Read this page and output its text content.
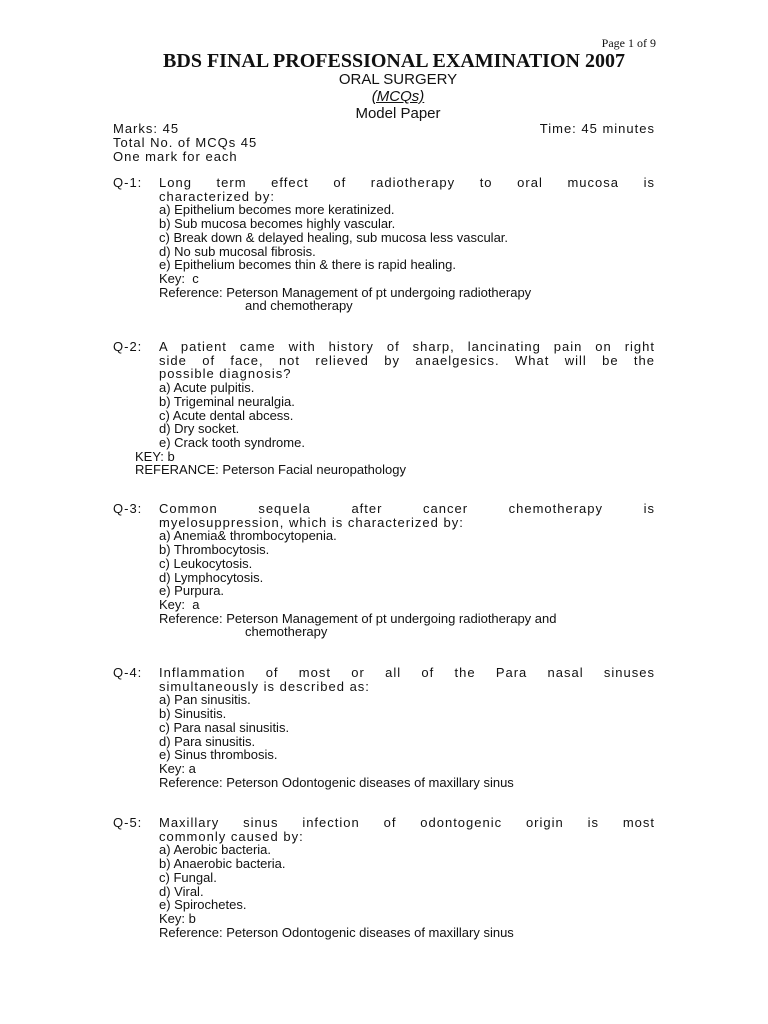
Page 1 of 9
BDS FINAL PROFESSIONAL EXAMINATION 2007
ORAL SURGERY
(MCQs)
Model Paper
Marks: 45	Time: 45 minutes
Total No. of MCQs 45
One mark for each
Q-1:	Long term effect of radiotherapy to oral mucosa is
characterized by:
a) Epithelium becomes more keratinized.
b) Sub mucosa becomes highly vascular.
c) Break down & delayed healing, sub mucosa less vascular.
d) No sub mucosal fibrosis.
e) Epithelium becomes thin & there is rapid healing.
Key:  c
Reference: Peterson Management of pt undergoing radiotherapy
and chemotherapy
Q-2:	A patient came with history of sharp, lancinating pain on right
side of face, not relieved by anaelgesics. What will be the
possible diagnosis?
a) Acute pulpitis.
b) Trigeminal neuralgia.
c) Acute dental abcess.
d) Dry socket.
e) Crack tooth syndrome.
KEY: b
REFERANCE: Peterson Facial neuropathology
Q-3:	Common sequela after cancer chemotherapy is
myelosuppression, which is characterized by:
a) Anemia& thrombocytopenia.
b) Thrombocytosis.
c) Leukocytosis.
d) Lymphocytosis.
e) Purpura.
Key:  a
Reference: Peterson Management of pt undergoing radiotherapy and
chemotherapy
Q-4:	Inflammation of most or all of the Para nasal sinuses
simultaneously is described as:
a) Pan sinusitis.
b) Sinusitis.
c) Para nasal sinusitis.
d) Para sinusitis.
e) Sinus thrombosis.
Key: a
Reference: Peterson Odontogenic diseases of maxillary sinus
Q-5:	Maxillary sinus infection of odontogenic origin is most
commonly caused by:
a) Aerobic bacteria.
b) Anaerobic bacteria.
c) Fungal.
d) Viral.
e) Spirochetes.
Key: b
Reference: Peterson Odontogenic diseases of maxillary sinus
